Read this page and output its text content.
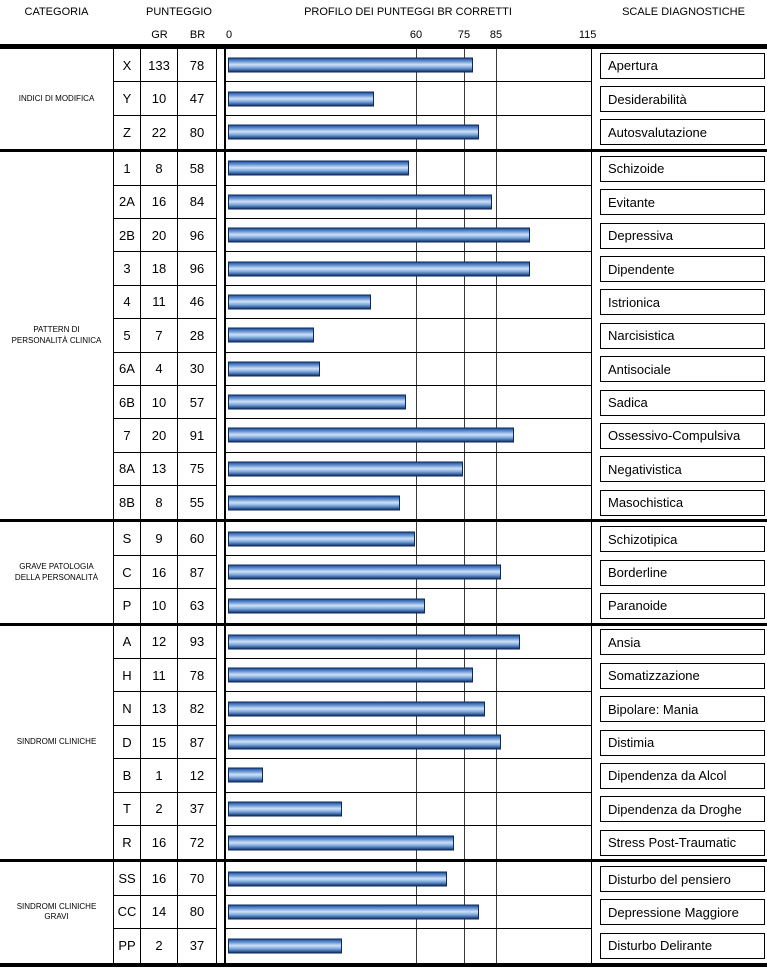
CATEGORIA	PUNTEGGIO
GR	BR
PROFILO DEI PUNTEGGI BR CORRETTI
0	60	75 85	115
SCALE DIAGNOSTICHE
INDICI DI MODIFICA
X	133	78	Apertura
Y	10	47	Desiderabilità
Z	22	80	Autosvalutazione
PATTERN DI PERSONALITÀ CLINICA
1	8	58	Schizoide
2A	16	84	Evitante
2B	20	96	Depressiva
3	18	96	Dipendente
4	11	46	Istrionica
5	7	28	Narcisistica
6A	4	30	Antisociale
6B	10	57	Sadica
7	20	91	Ossessivo-Compulsiva
8A	13	75	Negativistica
8B	8	55	Masochistica
GRAVE PATOLOGIA DELLA PERSONALITÀ
S	9	60	Schizotipica
C	16	87	Borderline
P	10	63	Paranoide
SINDROMI CLINICHE
A	12	93	Ansia
H	11	78	Somatizzazione
N	13	82	Bipolare: Mania
D	15	87	Distimia
B	1	12	Dipendenza da Alcol
T	2	37	Dipendenza da Droghe
R	16	72	Stress Post-Traumatic
SINDROMI CLINICHE GRAVI
SS	16	70	Disturbo del pensiero
CC	14	80	Depressione Maggiore
PP	2	37	Disturbo Delirante
